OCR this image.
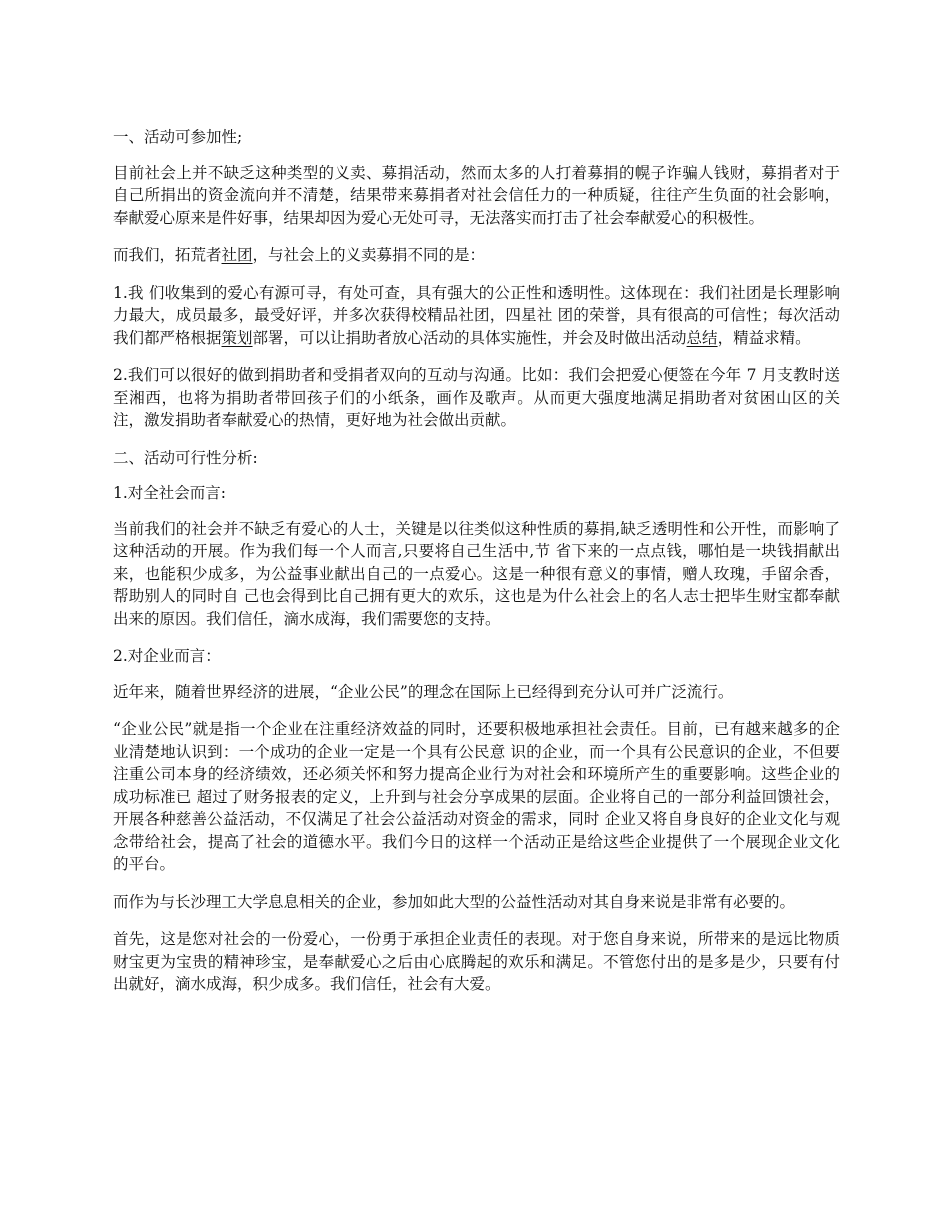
一、活动可参加性;

目前社会上并不缺乏这种类型的义卖、募捐活动，然而太多的人打着募捐的幌子诈骗人钱财，募捐者对于自己所捐出的资金流向并不清楚，结果带来募捐者对社会信任力的一种质疑，往往产生负面的社会影响，奉献爱心原来是件好事，结果却因为爱心无处可寻，无法落实而打击了社会奉献爱心的积极性。

而我们，拓荒者社团，与社会上的义卖募捐不同的是：

1.我 们收集到的爱心有源可寻，有处可查，具有强大的公正性和透明性。这体现在：我们社团是长理影响力最大，成员最多，最受好评，并多次获得校精品社团，四星社 团的荣誉，具有很高的可信性；每次活动我们都严格根据策划部署，可以让捐助者放心活动的具体实施性，并会及时做出活动总结，精益求精。

2.我们可以很好的做到捐助者和受捐者双向的互动与沟通。比如：我们会把爱心便签在今年 7 月支教时送至湘西，也将为捐助者带回孩子们的小纸条，画作及歌声。从而更大强度地满足捐助者对贫困山区的关注，激发捐助者奉献爱心的热情，更好地为社会做出贡献。

二、活动可行性分析:

1.对全社会而言:

当前我们的社会并不缺乏有爱心的人士，关键是以往类似这种性质的募捐,缺乏透明性和公开性，而影响了这种活动的开展。作为我们每一个人而言,只要将自己生活中,节 省下来的一点点钱，哪怕是一块钱捐献出来，也能积少成多，为公益事业献出自己的一点爱心。这是一种很有意义的事情，赠人玫瑰，手留余香，帮助别人的同时自 己也会得到比自己拥有更大的欢乐，这也是为什么社会上的名人志士把毕生财宝都奉献出来的原因。我们信任，滴水成海，我们需要您的支持。

2.对企业而言：

近年来，随着世界经济的进展，“企业公民”的理念在国际上已经得到充分认可并广泛流行。

“企业公民”就是指一个企业在注重经济效益的同时，还要积极地承担社会责任。目前，已有越来越多的企业清楚地认识到：一个成功的企业一定是一个具有公民意 识的企业，而一个具有公民意识的企业，不但要注重公司本身的经济绩效，还必须关怀和努力提高企业行为对社会和环境所产生的重要影响。这些企业的成功标准已 超过了财务报表的定义，上升到与社会分享成果的层面。企业将自己的一部分利益回馈社会，开展各种慈善公益活动，不仅满足了社会公益活动对资金的需求，同时 企业又将自身良好的企业文化与观念带给社会，提高了社会的道德水平。我们今日的这样一个活动正是给这些企业提供了一个展现企业文化的平台。

而作为与长沙理工大学息息相关的企业，参加如此大型的公益性活动对其自身来说是非常有必要的。

首先，这是您对社会的一份爱心，一份勇于承担企业责任的表现。对于您自身来说，所带来的是远比物质财宝更为宝贵的精神珍宝，是奉献爱心之后由心底腾起的欢乐和满足。不管您付出的是多是少，只要有付出就好，滴水成海，积少成多。我们信任，社会有大爱。
